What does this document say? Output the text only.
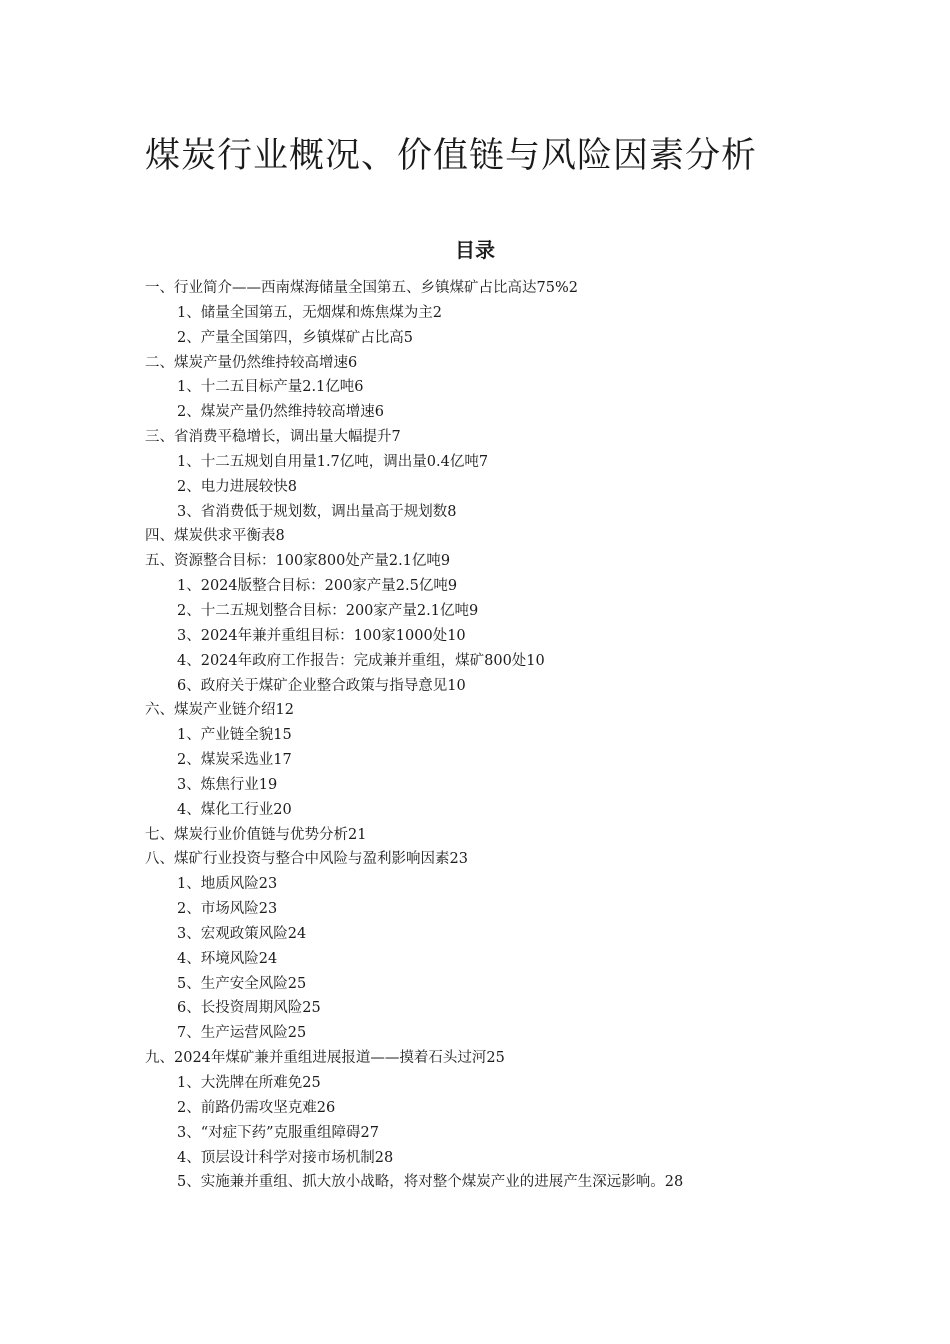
煤炭行业概况、价值链与风险因素分析
目录
一、行业简介——西南煤海储量全国第五、乡镇煤矿占比高达75%2
1、储量全国第五，无烟煤和炼焦煤为主2
2、产量全国第四，乡镇煤矿占比高5
二、煤炭产量仍然维持较高增速6
1、十二五目标产量2.1亿吨6
2、煤炭产量仍然维持较高增速6
三、省消费平稳增长，调出量大幅提升7
1、十二五规划自用量1.7亿吨，调出量0.4亿吨7
2、电力进展较快8
3、省消费低于规划数，调出量高于规划数8
四、煤炭供求平衡表8
五、资源整合目标：100家800处产量2.1亿吨9
1、2024版整合目标：200家产量2.5亿吨9
2、十二五规划整合目标：200家产量2.1亿吨9
3、2024年兼并重组目标：100家1000处10
4、2024年政府工作报告：完成兼并重组，煤矿800处10
6、政府关于煤矿企业整合政策与指导意见10
六、煤炭产业链介绍12
1、产业链全貌15
2、煤炭采选业17
3、炼焦行业19
4、煤化工行业20
七、煤炭行业价值链与优势分析21
八、煤矿行业投资与整合中风险与盈利影响因素23
1、地质风险23
2、市场风险23
3、宏观政策风险24
4、环境风险24
5、生产安全风险25
6、长投资周期风险25
7、生产运营风险25
九、2024年煤矿兼并重组进展报道——摸着石头过河25
1、大洗牌在所难免25
2、前路仍需攻坚克难26
3、“对症下药”克服重组障碍27
4、顶层设计科学对接市场机制28
5、实施兼并重组、抓大放小战略，将对整个煤炭产业的进展产生深远影响。28
